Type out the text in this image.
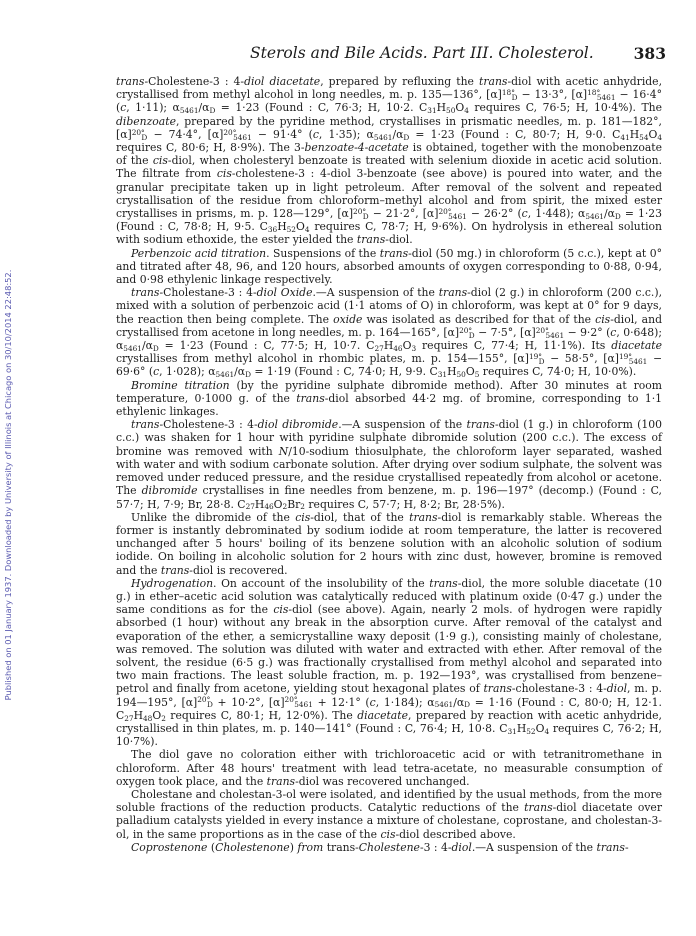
Sterols and Bile Acids. Part III. Cholesterol.	383
Published on 01 January 1937. Downloaded by University of Illinois at Chicago on 30/10/2014 22:48:52.

trans-Cholestene-3 : 4-diol diacetate, prepared by refluxing the trans-diol with acetic anhydride, crystallised from methyl alcohol in long needles, m. p. 135—136°, $[\alpha]^{18^\circ}_D - 13\cdot 3^\circ$, $[\alpha]^{18^\circ}_{5461} - 16\cdot 4^\circ$ (c, 1·11); $\alpha_{5461}/\alpha_D = 1\cdot 23$ (Found : C, 76·3; H, 10·2. $C_{31}H_{50}O_4$ requires C, 76·5; H, 10·4%). The dibenzoate, prepared by the pyridine method, crystallises in prismatic needles, m. p. 181—182°, $[\alpha]^{20^\circ}_D - 74\cdot 4^\circ$, $[\alpha]^{20^\circ}_{5461} - 91\cdot 4^\circ$ (c, 1·35); $\alpha_{5461}/\alpha_D = 1\cdot 23$ (Found : C, 80·7; H, 9·0. $C_{41}H_{54}O_4$ requires C, 80·6; H, 8·9%). The 3-benzoate-4-acetate is obtained, together with the monobenzoate of the cis-diol, when cholesteryl benzoate is treated with selenium dioxide in acetic acid solution. The filtrate from cis-cholestene-3 : 4-diol 3-benzoate (see above) is poured into water, and the granular precipitate taken up in light petroleum. After removal of the solvent and repeated crystallisation of the residue from chloroform–methyl alcohol and from spirit, the mixed ester crystallises in prisms, m. p. 128—129°, $[\alpha]^{20^\circ}_D - 21\cdot 2^\circ$, $[\alpha]^{20^\circ}_{5461} - 26\cdot 2^\circ$ (c, 1·448); $\alpha_{5461}/\alpha_D = 1\cdot 23$ (Found : C, 78·8; H, 9·5. $C_{36}H_{52}O_4$ requires C, 78·7; H, 9·6%). On hydrolysis in ethereal solution with sodium ethoxide, the ester yielded the trans-diol.

Perbenzoic acid titration. Suspensions of the trans-diol (50 mg.) in chloroform (5 c.c.), kept at 0° and titrated after 48, 96, and 120 hours, absorbed amounts of oxygen corresponding to 0·88, 0·94, and 0·98 ethylenic linkage respectively.

trans-Cholestane-3 : 4-diol Oxide.—A suspension of the trans-diol (2 g.) in chloroform (200 c.c.), mixed with a solution of perbenzoic acid (1·1 atoms of O) in chloroform, was kept at 0° for 9 days, the reaction then being complete. The oxide was isolated as described for that of the cis-diol, and crystallised from acetone in long needles, m. p. 164—165°, $[\alpha]^{20^\circ}_D - 7\cdot 5^\circ$, $[\alpha]^{20^\circ}_{5461} - 9\cdot 2^\circ$ (c, 0·648); $\alpha_{5461}/\alpha_D = 1\cdot 23$ (Found : C, 77·5; H, 10·7. $C_{27}H_{46}O_3$ requires C, 77·4; H, 11·1%). Its diacetate crystallises from methyl alcohol in rhombic plates, m. p. 154—155°, $[\alpha]^{19^\circ}_D - 58\cdot 5^\circ$, $[\alpha]^{19^\circ}_{5461} - 69\cdot 6^\circ$ (c, 1·028); $\alpha_{5461}/\alpha_D = 1\cdot 19$ (Found : C, 74·0; H, 9·9. $C_{31}H_{50}O_5$ requires C, 74·0; H, 10·0%).

Bromine titration (by the pyridine sulphate dibromide method). After 30 minutes at room temperature, 0·1000 g. of the trans-diol absorbed 44·2 mg. of bromine, corresponding to 1·1 ethylenic linkages.

trans-Cholestene-3 : 4-diol dibromide.—A suspension of the trans-diol (1 g.) in chloroform (100 c.c.) was shaken for 1 hour with pyridine sulphate dibromide solution (200 c.c.). The excess of bromine was removed with N/10-sodium thiosulphate, the chloroform layer separated, washed with water and with sodium carbonate solution. After drying over sodium sulphate, the solvent was removed under reduced pressure, and the residue crystallised repeatedly from alcohol or acetone. The dibromide crystallises in fine needles from benzene, m. p. 196—197° (decomp.) (Found : C, 57·7; H, 7·9; Br, 28·8. $C_{27}H_{46}O_2Br_2$ requires C, 57·7; H, 8·2; Br, 28·5%).

Unlike the dibromide of the cis-diol, that of the trans-diol is remarkably stable. Whereas the former is instantly debrominated by sodium iodide at room temperature, the latter is recovered unchanged after 5 hours' boiling of its benzene solution with an alcoholic solution of sodium iodide. On boiling in alcoholic solution for 2 hours with zinc dust, however, bromine is removed and the trans-diol is recovered.

Hydrogenation. On account of the insolubility of the trans-diol, the more soluble diacetate (10 g.) in ether–acetic acid solution was catalytically reduced with platinum oxide (0·47 g.) under the same conditions as for the cis-diol (see above). Again, nearly 2 mols. of hydrogen were rapidly absorbed (1 hour) without any break in the absorption curve. After removal of the catalyst and evaporation of the ether, a semicrystalline waxy deposit (1·9 g.), consisting mainly of cholestane, was removed. The solution was diluted with water and extracted with ether. After removal of the solvent, the residue (6·5 g.) was fractionally crystallised from methyl alcohol and separated into two main fractions. The least soluble fraction, m. p. 192—193°, was crystallised from benzene–petrol and finally from acetone, yielding stout hexagonal plates of trans-cholestane-3 : 4-diol, m. p. 194—195°, $[\alpha]^{20^\circ}_D + 10\cdot 2^\circ$, $[\alpha]^{20^\circ}_{5461} + 12\cdot 1^\circ$ (c, 1·184); $\alpha_{5461}/\alpha_D = 1\cdot 16$ (Found : C, 80·0; H, 12·1. $C_{27}H_{48}O_2$ requires C, 80·1; H, 12·0%). The diacetate, prepared by reaction with acetic anhydride, crystallised in thin plates, m. p. 140—141° (Found : C, 76·4; H, 10·8. $C_{31}H_{52}O_4$ requires C, 76·2; H, 10·7%).

The diol gave no coloration either with trichloroacetic acid or with tetranitromethane in chloroform. After 48 hours' treatment with lead tetra-acetate, no measurable consumption of oxygen took place, and the trans-diol was recovered unchanged.

Cholestane and cholestan-3-ol were isolated, and identified by the usual methods, from the more soluble fractions of the reduction products. Catalytic reductions of the trans-diol diacetate over palladium catalysts yielded in every instance a mixture of cholestane, coprostane, and cholestan-3-ol, in the same proportions as in the case of the cis-diol described above.

Coprostenone (Cholestenone) from trans-Cholestene-3 : 4-diol.—A suspension of the trans-
